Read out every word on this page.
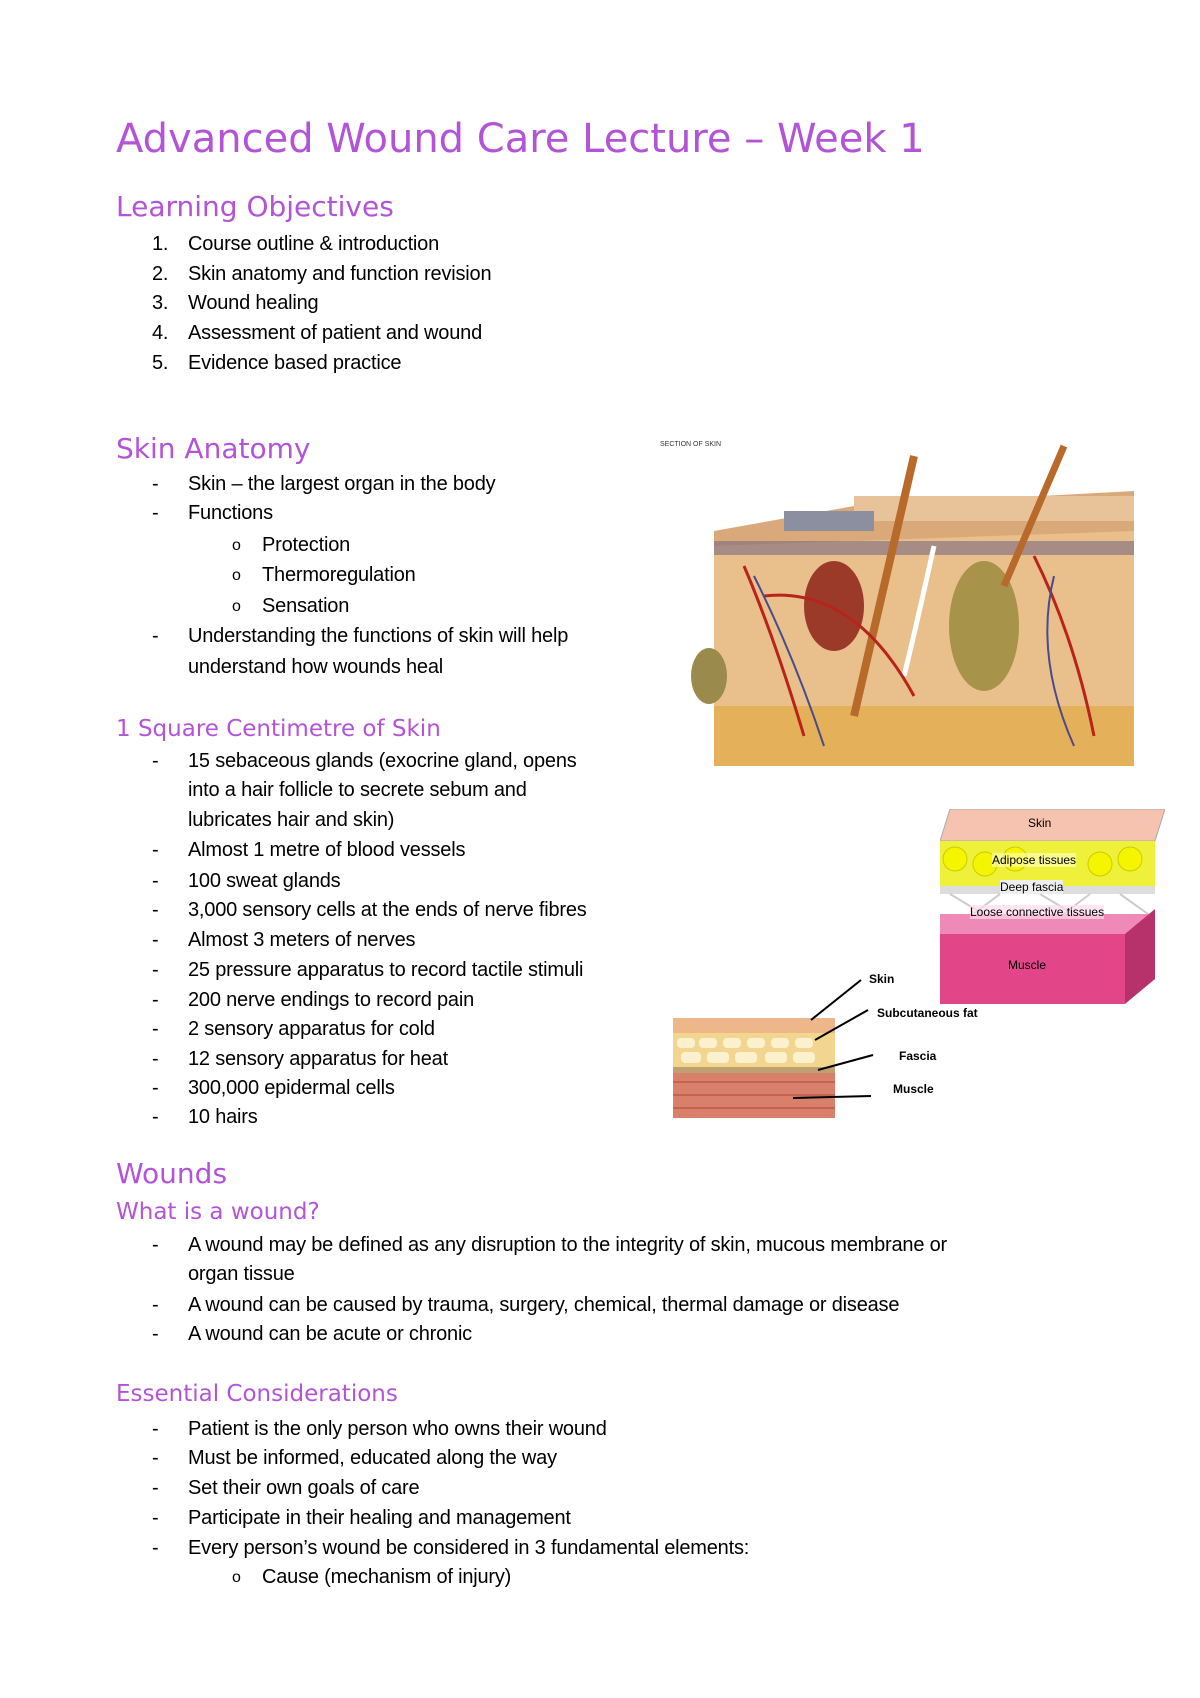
Advanced Wound Care Lecture – Week 1
Learning Objectives
1. Course outline & introduction
2. Skin anatomy and function revision
3. Wound healing
4. Assessment of patient and wound
5. Evidence based practice
Skin Anatomy
-	Skin – the largest organ in the body
-	Functions
o	Protection
o	Thermoregulation
o	Sensation
-	Understanding the functions of skin will help
understand how wounds heal
1 Square Centimetre of Skin
-	15 sebaceous glands (exocrine gland, opens
into a hair follicle to secrete sebum and
lubricates hair and skin)
-	Almost 1 metre of blood vessels
-	100 sweat glands
-	3,000 sensory cells at the ends of nerve fibres
-	Almost 3 meters of nerves
-	25 pressure apparatus to record tactile stimuli
-	200 nerve endings to record pain
-	2 sensory apparatus for cold
-	12 sensory apparatus for heat
-	300,000 epidermal cells
-	10 hairs
Wounds
What is a wound?
-	A wound may be defined as any disruption to the integrity of skin, mucous membrane or
organ tissue
-	A wound can be caused by trauma, surgery, chemical, thermal damage or disease
-	A wound can be acute or chronic
Essential Considerations
-	Patient is the only person who owns their wound
-	Must be informed, educated along the way
-	Set their own goals of care
-	Participate in their healing and management
-	Every person’s wound be considered in 3 fundamental elements:
o	Cause (mechanism of injury)
SECTION OF SKIN
Skin
Adipose tissues
Deep fascia
Loose connective tissues
Muscle
Skin
Subcutaneous fat
Fascia
Muscle
